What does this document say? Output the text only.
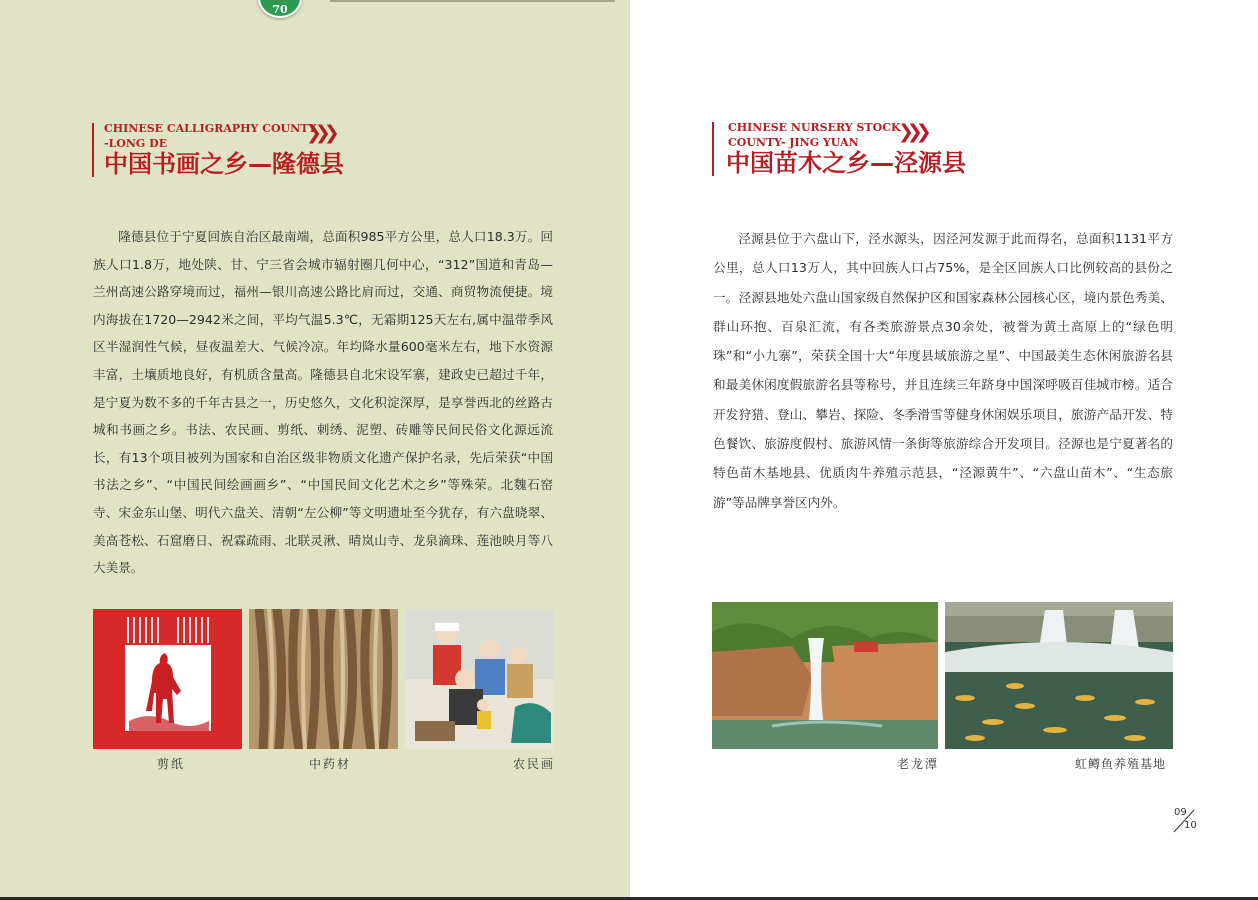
70
CHINESE CALLIGRAPHY COUNTY
-LONG DE	❯❯❯
中国书画之乡—隆德县

隆德县位于宁夏回族自治区最南端，总面积985平方公里，总人口18.3万。回族人口1.8万，地处陕、甘、宁三省会城市辐射圈几何中心，“312”国道和青岛—兰州高速公路穿境而过，福州—银川高速公路比肩而过，交通、商贸物流便捷。境内海拔在1720—2942米之间，平均气温5.3℃，无霜期125天左右,属中温带季风区半湿润性气候，昼夜温差大、气候冷凉。年均降水量600毫米左右，地下水资源丰富，土壤质地良好，有机质含量高。隆德县自北宋设军寨，建政史已超过千年，是宁夏为数不多的千年古县之一，历史悠久，文化积淀深厚，是享誉西北的丝路古城和书画之乡。书法、农民画、剪纸、刺绣、泥塑、砖雕等民间民俗文化源远流长，有13个项目被列为国家和自治区级非物质文化遗产保护名录，先后荣获“中国书法之乡”、“中国民间绘画画乡”、“中国民间文化艺术之乡”等殊荣。北魏石窑寺、宋金东山堡、明代六盘关、清朝“左公柳”等文明遗址至今犹存，有六盘晓翠、美高苍松、石窟磨日、祝霖疏雨、北联灵湫、晴岚山寺、龙泉滴珠、莲池映月等八大美景。

剪纸	中药材	农民画
CHINESE NURSERY STOCK
COUNTY- JING YUAN	❯❯❯
中国苗木之乡—泾源县

泾源县位于六盘山下，泾水源头，因泾河发源于此而得名，总面积1131平方公里，总人口13万人，其中回族人口占75%，是全区回族人口比例较高的县份之一。泾源县地处六盘山国家级自然保护区和国家森林公园核心区，境内景色秀美、群山环抱、百泉汇流，有各类旅游景点30余处，被誉为黄土高原上的“绿色明珠”和“小九寨”，荣获全国十大“年度县域旅游之星”、中国最美生态休闲旅游名县和最美休闲度假旅游名县等称号，并且连续三年跻身中国深呼吸百佳城市榜。适合开发狩猎、登山、攀岩、探险、冬季滑雪等健身休闲娱乐项目，旅游产品开发、特色餐饮、旅游度假村、旅游风情一条街等旅游综合开发项目。泾源也是宁夏著名的特色苗木基地县、优质肉牛养殖示范县，“泾源黄牛”、“六盘山苗木”、“生态旅游”等品牌享誉区内外。

老龙潭	虹鳟鱼养殖基地
09
10
